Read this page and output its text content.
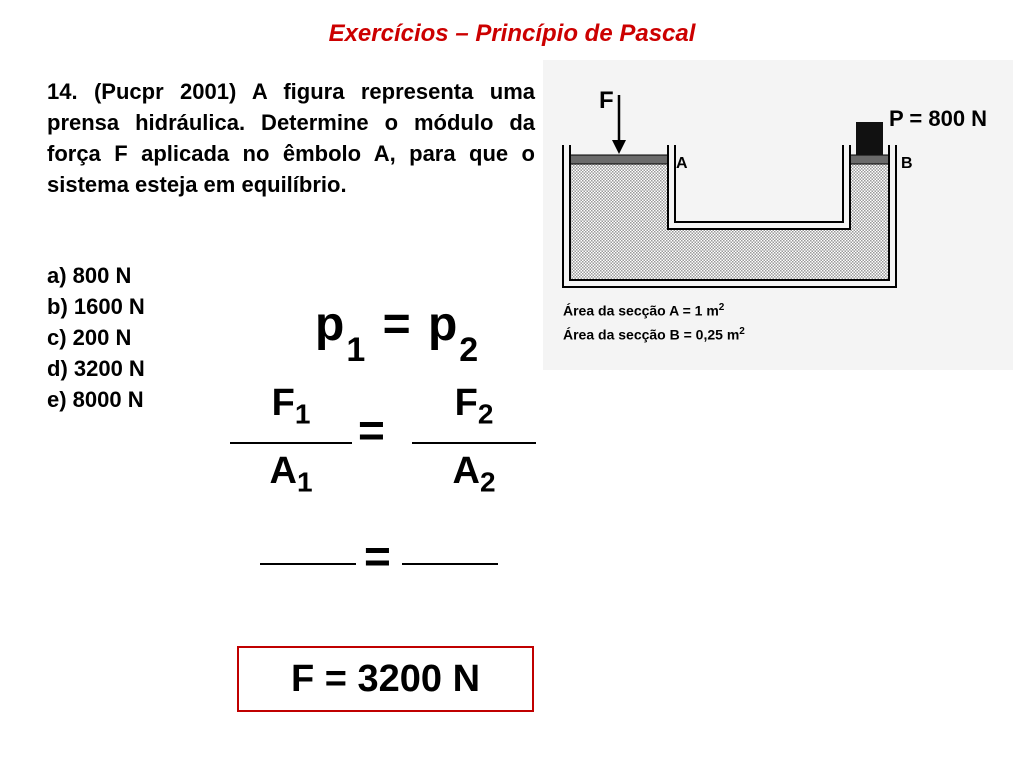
Exercícios – Princípio de Pascal
14. (Pucpr 2001) A figura representa uma prensa hidráulica. Determine o módulo da força F aplicada no êmbolo A, para que o sistema esteja em equilíbrio.
a) 800 N
b) 1600 N
c) 200 N
d) 3200 N
e) 8000 N
F
P = 800 N
A	B
Área da secção A = 1 $m^2$
Área da secção B = 0,25 $m^2$
$p_1 = p_2$
$F_1$
$A_1$
=
$F_2$
$A_2$
=
F = 3200 N
